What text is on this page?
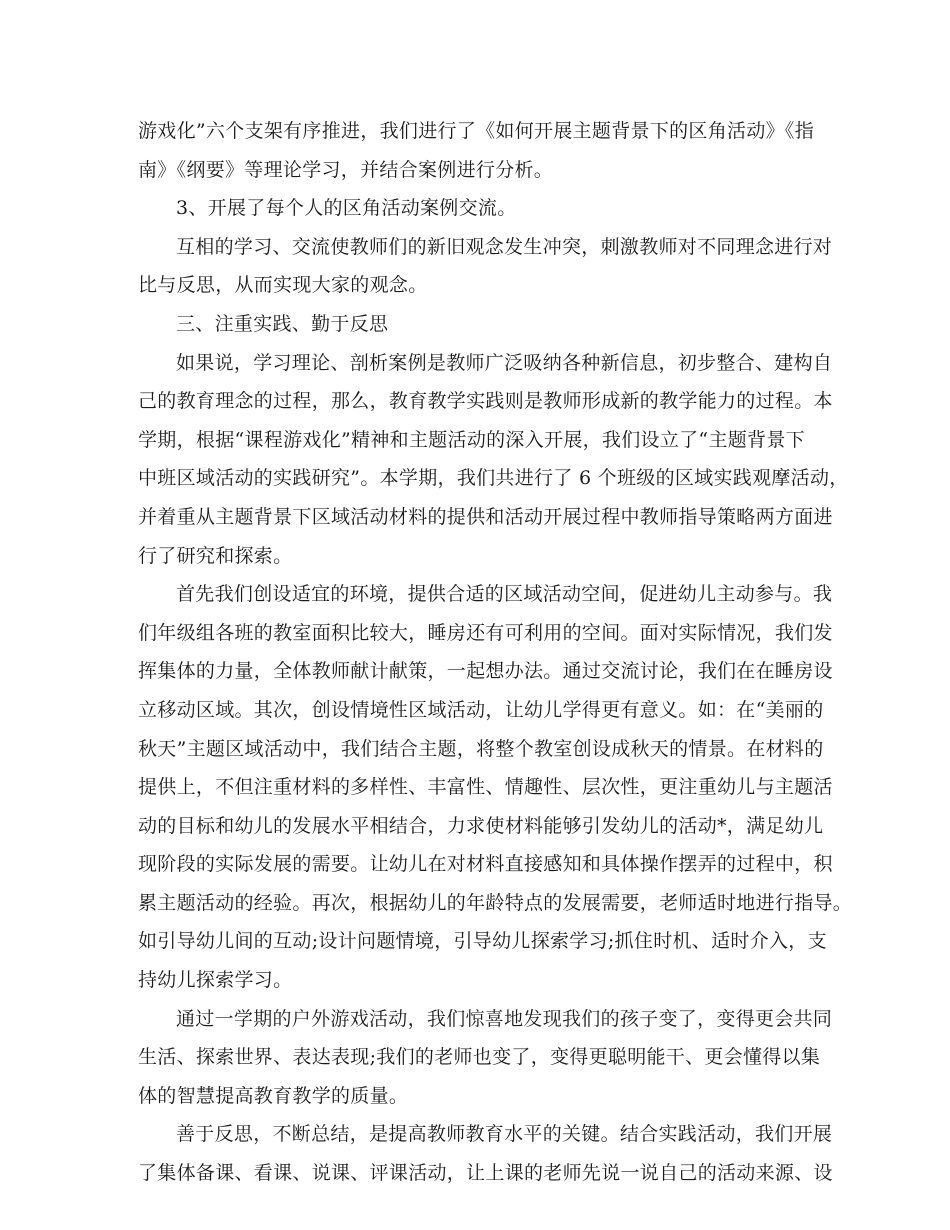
游戏化”六个支架有序推进，我们进行了《如何开展主题背景下的区角活动》《指
南》《纲要》等理论学习，并结合案例进行分析。
3、开展了每个人的区角活动案例交流。
互相的学习、交流使教师们的新旧观念发生冲突，刺激教师对不同理念进行对
比与反思，从而实现大家的观念。
三、注重实践、勤于反思
如果说，学习理论、剖析案例是教师广泛吸纳各种新信息，初步整合、建构自
己的教育理念的过程，那么，教育教学实践则是教师形成新的教学能力的过程。本
学期，根据“课程游戏化”精神和主题活动的深入开展，我们设立了“主题背景下
中班区域活动的实践研究”。本学期，我们共进行了 6 个班级的区域实践观摩活动，
并着重从主题背景下区域活动材料的提供和活动开展过程中教师指导策略两方面进
行了研究和探索。
首先我们创设适宜的环境，提供合适的区域活动空间，促进幼儿主动参与。我
们年级组各班的教室面积比较大，睡房还有可利用的空间。面对实际情况，我们发
挥集体的力量，全体教师献计献策，一起想办法。通过交流讨论，我们在在睡房设
立移动区域。其次，创设情境性区域活动，让幼儿学得更有意义。如：在“美丽的
秋天”主题区域活动中，我们结合主题，将整个教室创设成秋天的情景。在材料的
提供上，不但注重材料的多样性、丰富性、情趣性、层次性，更注重幼儿与主题活
动的目标和幼儿的发展水平相结合，力求使材料能够引发幼儿的活动*，满足幼儿
现阶段的实际发展的需要。让幼儿在对材料直接感知和具体操作摆弄的过程中，积
累主题活动的经验。再次，根据幼儿的年龄特点的发展需要，老师适时地进行指导。
如引导幼儿间的互动;设计问题情境，引导幼儿探索学习;抓住时机、适时介入，支
持幼儿探索学习。
通过一学期的户外游戏活动，我们惊喜地发现我们的孩子变了，变得更会共同
生活、探索世界、表达表现;我们的老师也变了，变得更聪明能干、更会懂得以集
体的智慧提高教育教学的质量。
善于反思，不断总结，是提高教师教育水平的关键。结合实践活动，我们开展
了集体备课、看课、说课、评课活动，让上课的老师先说一说自己的活动来源、设
